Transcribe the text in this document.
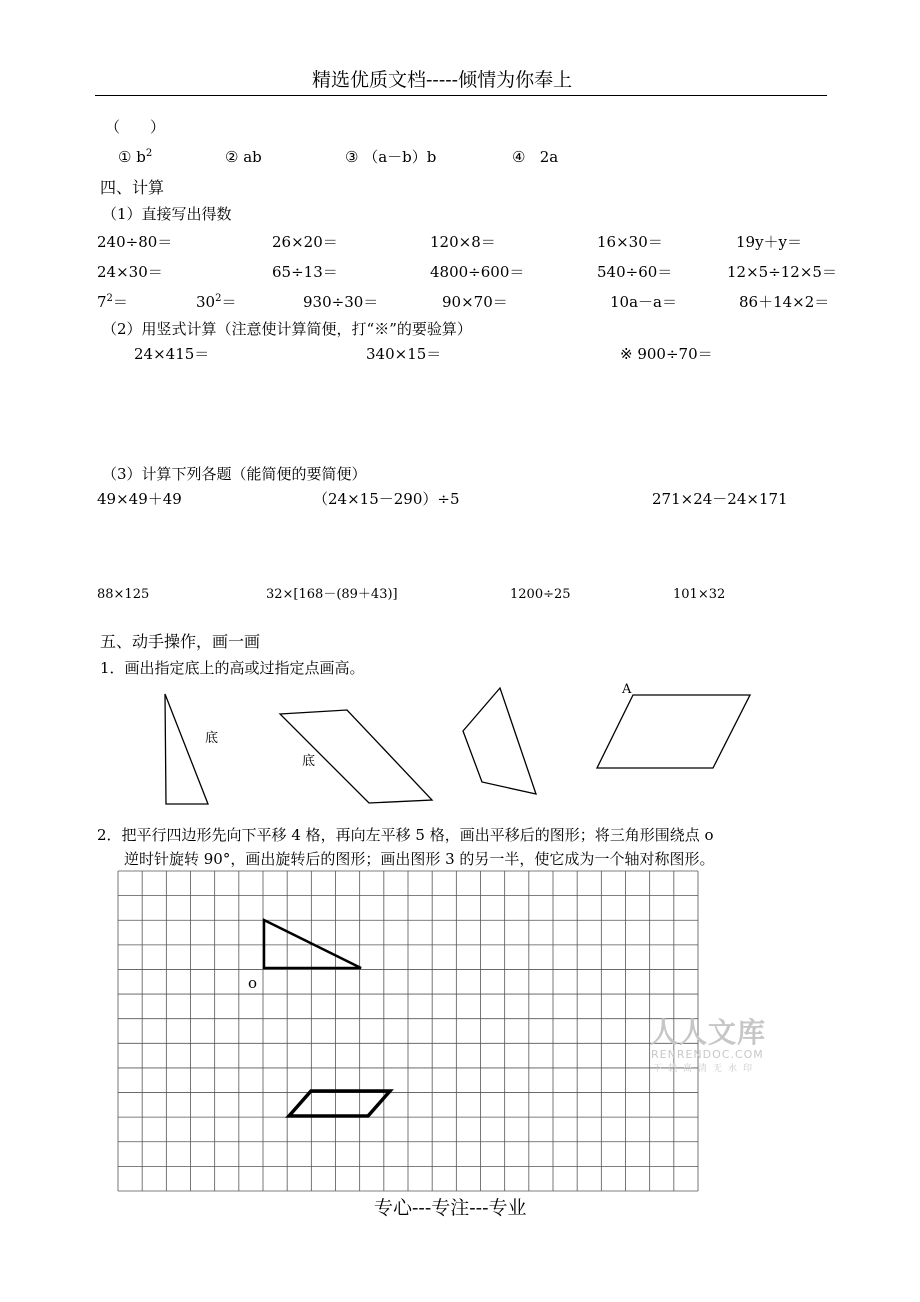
精选优质文档-----倾情为你奉上
（　　）
① $b^2$	② ab	③ （a－b）b	④ 2a
四、计算
（1）直接写出得数
240÷80＝	26×20＝	120×8＝	16×30＝	19y＋y＝
24×30＝	65÷13＝	4800÷600＝	540÷60＝	12×5÷12×5＝
$7^2=$	$30^2=$	930÷30＝	90×70＝	10a－a＝	86＋14×2＝
（2）用竖式计算（注意使计算简便，打“※”的要验算）
24×415＝	340×15＝	※ 900÷70＝
（3）计算下列各题（能简便的要简便）
49×49＋49	（24×15－290）÷5	271×24－24×171
88×125	32×[168－(89＋43)]	1200÷25	101×32
五、动手操作，画一画
1．画出指定底上的高或过指定点画高。
底
底
A
2．把平行四边形先向下平移 4 格，再向左平移 5 格，画出平移后的图形；将三角形围绕点 o
逆时针旋转 90°，画出旋转后的图形；画出图形 3 的另一半，使它成为一个轴对称图形。
o
人人文库
RENRENDOC.COM
下载高清无水印
专心---专注---专业
